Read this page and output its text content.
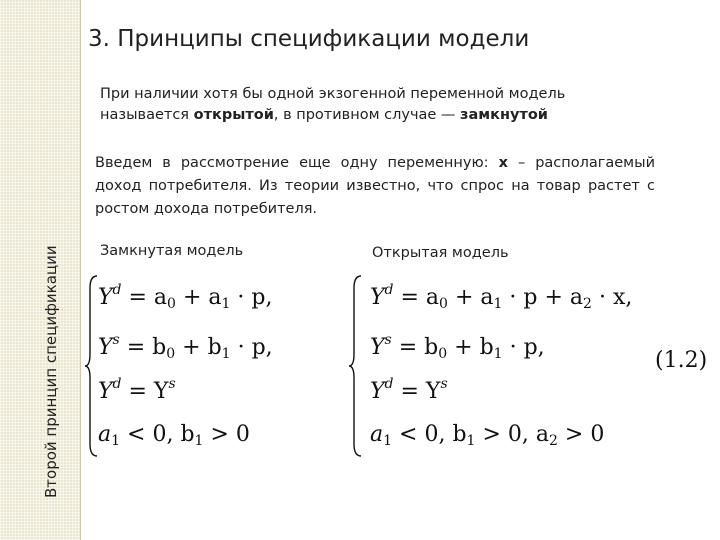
Второй принцип спецификации
3. Принципы спецификации модели
При наличии хотя бы одной экзогенной переменной модель называется открытой, в противном случае — замкнутой
Введем в рассмотрение еще одну переменную: x – располагаемый доход потребителя. Из теории известно, что спрос на товар растет с ростом дохода потребителя.
Замкнутая модель	Открытая модель
$Y^d = a_0 + a_1 \cdot p$,
$Y^s = b_0 + b_1 \cdot p$,
$Y^d = Y^s$
$a_1 < 0$, $b_1 > 0$
$Y^d = a_0 + a_1 \cdot p + a_2 \cdot x$,
$Y^s = b_0 + b_1 \cdot p$,
$Y^d = Y^s$
$a_1 < 0$, $b_1 > 0$, $a_2 > 0$
(1.2)
